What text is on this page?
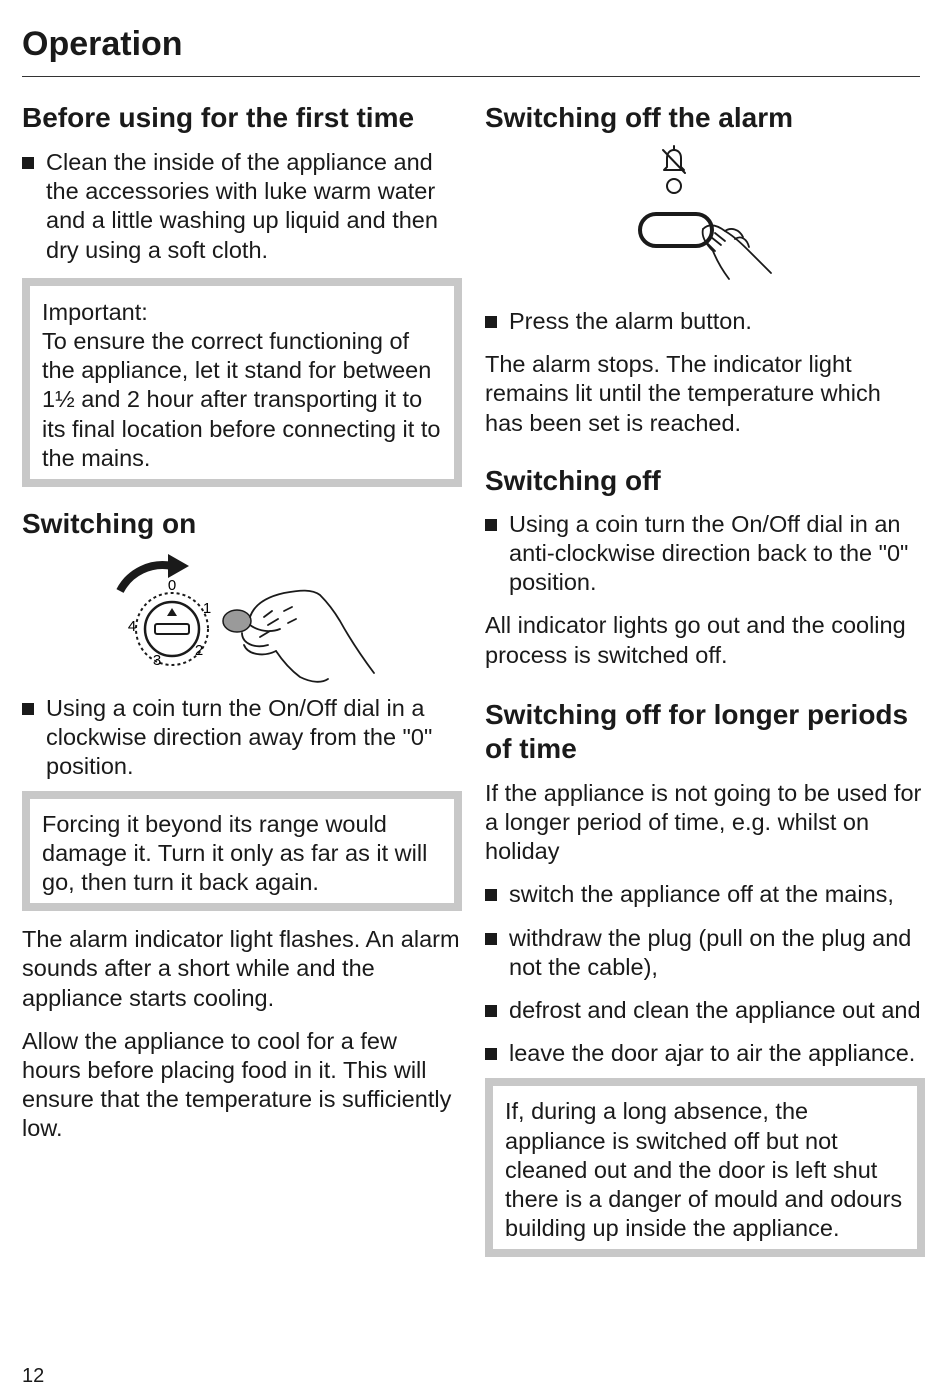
Operation
Before using for the first time
Clean the inside of the appliance and the accessories with luke warm water and a little washing up liquid and then dry using a soft cloth.

Important:

To ensure the correct functioning of the appliance, let it stand for between 1½ and 2 hour after transporting it to its final location before connecting it to the mains.

Switching on
0
1
2
3
4
Using a coin turn the On/Off dial in a clockwise direction away from the "0" position.

Forcing it beyond its range would damage it. Turn it only as far as it will go, then turn it back again.

The alarm indicator light flashes. An alarm sounds after a short while and the appliance starts cooling.

Allow the appliance to cool for a few hours before placing food in it. This will ensure that the temperature is sufficiently low.

Switching off the alarm
Press the alarm button.

The alarm stops. The indicator light remains lit until the temperature which has been set is reached.

Switching off
Using a coin turn the On/Off dial in an anti-clockwise direction back to the "0" position.

All indicator lights go out and the cooling process is switched off.

Switching off for longer periods of time

If the appliance is not going to be used for a longer period of time, e.g. whilst on holiday

switch the appliance off at the mains,
withdraw the plug (pull on the plug and not the cable),
defrost and clean the appliance out and
leave the door ajar to air the appliance.

If, during a long absence, the appliance is switched off but not cleaned out and the door is left shut there is a danger of mould and odours building up inside the appliance.

12
